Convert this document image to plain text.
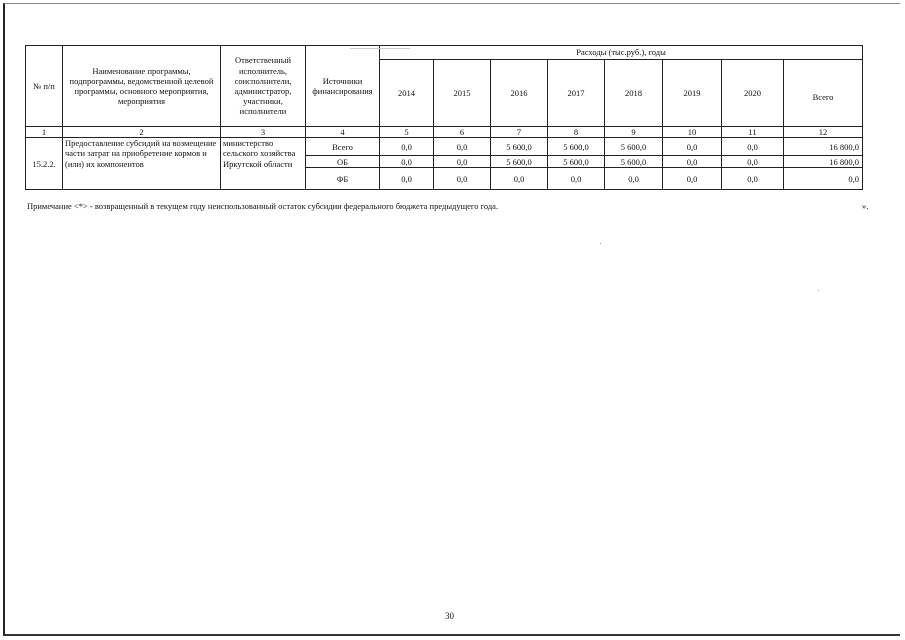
№ п/п	Наименование программы, подпрограммы, ведомственной целевой программы, основного мероприятия, мероприятия	Ответственный исполнитель, соисполнители, администратор, участники, исполнители	Источники финансирования	Расходы (тыс.руб.), годы							
				2014	2015	2016	2017	2018	2019	2020	Всего
1	2	3	4	5	6	7	8	9	10	11	12
15.2.2.	Предоставление субсидий на возмещение части затрат на приобретение кормов и (или) их компонентов	министерство сельского хозяйства Иркутской области	Всего	0,0	0,0	5 600,0	5 600,0	5 600,0	0,0	0,0	16 800,0
			ОБ	0,0	0,0	5 600,0	5 600,0	5 600,0	0,0	0,0	16 800,0
			ФБ	0,0	0,0	0,0	0,0	0,0	0,0	0,0	0,0
Примечание <*> - возвращенный в текущем году неиспользованный остаток субсидии федерального бюджета предыдущего года.	».
30
